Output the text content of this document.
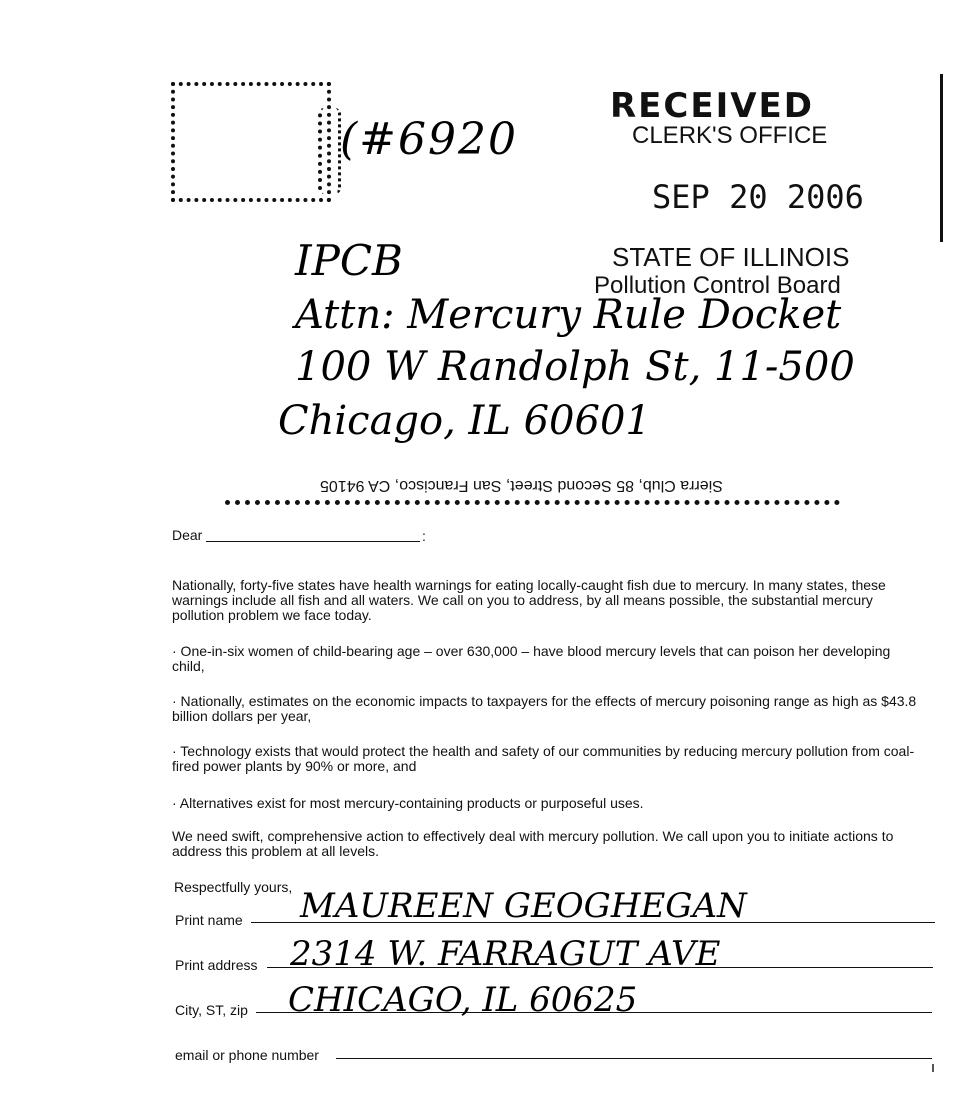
(#6920
RECEIVED
CLERK'S OFFICE
SEP 20 2006
STATE OF ILLINOIS
Pollution Control Board
IPCB
Attn: Mercury Rule Docket
100 W Randolph St, 11-500
Chicago, IL 60601
Sierra Club, 85 Second Street, San Francisco, CA 94105
Dear	:
Nationally, forty-five states have health warnings for eating locally-caught fish due to mercury. In many states, these warnings include all fish and all waters. We call on you to address, by all means possible, the substantial mercury pollution problem we face today.
· One-in-six women of child-bearing age – over 630,000 – have blood mercury levels that can poison her developing child,
· Nationally, estimates on the economic impacts to taxpayers for the effects of mercury poisoning range as high as $43.8 billion dollars per year,
· Technology exists that would protect the health and safety of our communities by reducing mercury pollution from coal-fired power plants by 90% or more, and
· Alternatives exist for most mercury-containing products or purposeful uses.
We need swift, comprehensive action to effectively deal with mercury pollution. We call upon you to initiate actions to address this problem at all levels.
Respectfully yours,
Print name MAUREEN GEOGHEGAN
Print address 2314 W. FARRAGUT AVE
City, ST, zip CHICAGO, IL 60625
email or phone number
